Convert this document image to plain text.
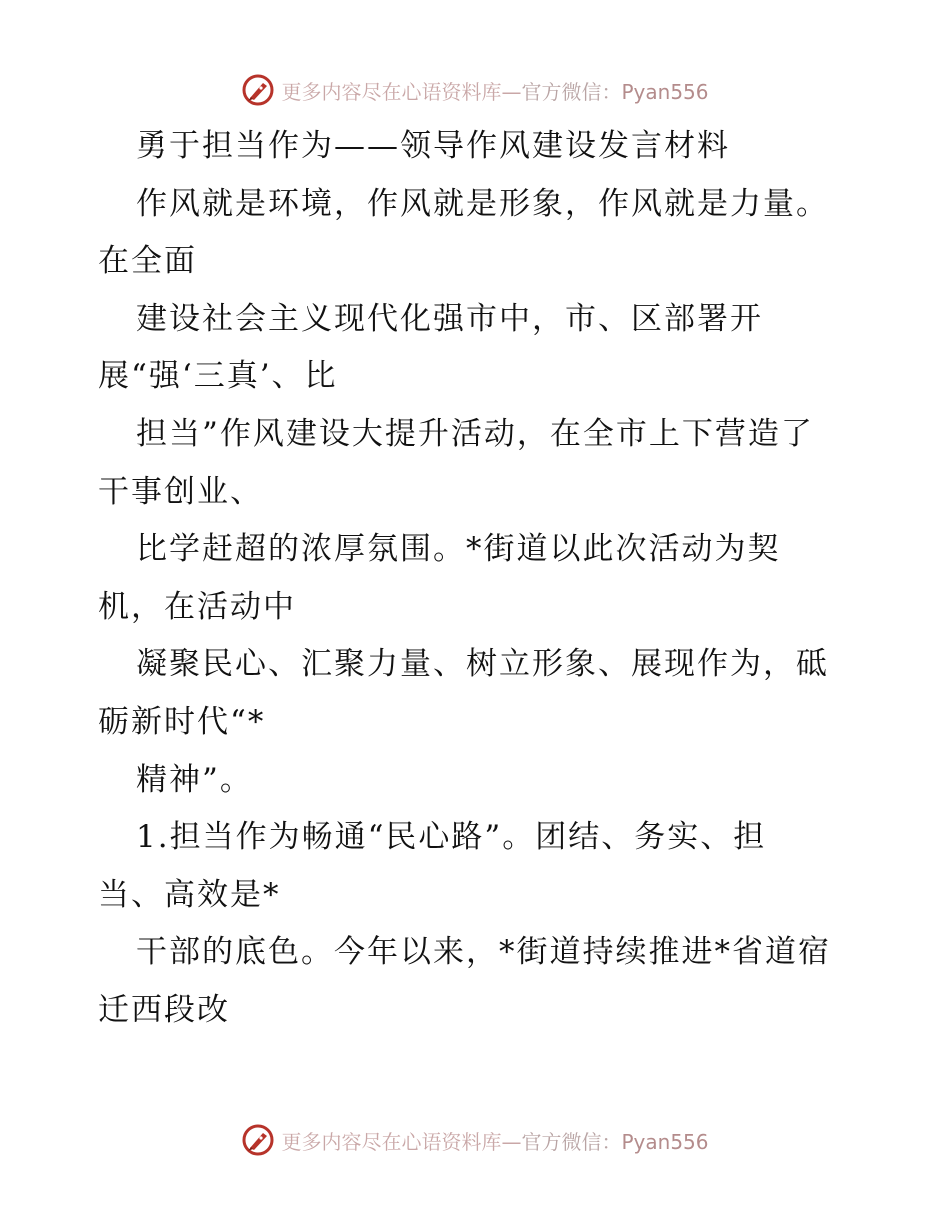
更多内容尽在心语资料库—官方微信：Pyan556

勇于担当作为——领导作风建设发言材料

作风就是环境，作风就是形象，作风就是力量。
在全面

建设社会主义现代化强市中，市、区部署开
展“强‘三真’、比

担当”作风建设大提升活动，在全市上下营造了
干事创业、

比学赶超的浓厚氛围。*街道以此次活动为契
机，在活动中

凝聚民心、汇聚力量、树立形象、展现作为，砥
砺新时代“*

精神”。

1.担当作为畅通“民心路”。团结、务实、担
当、高效是*

干部的底色。今年以来，*街道持续推进*省道宿
迁西段改

更多内容尽在心语资料库—官方微信：Pyan556
